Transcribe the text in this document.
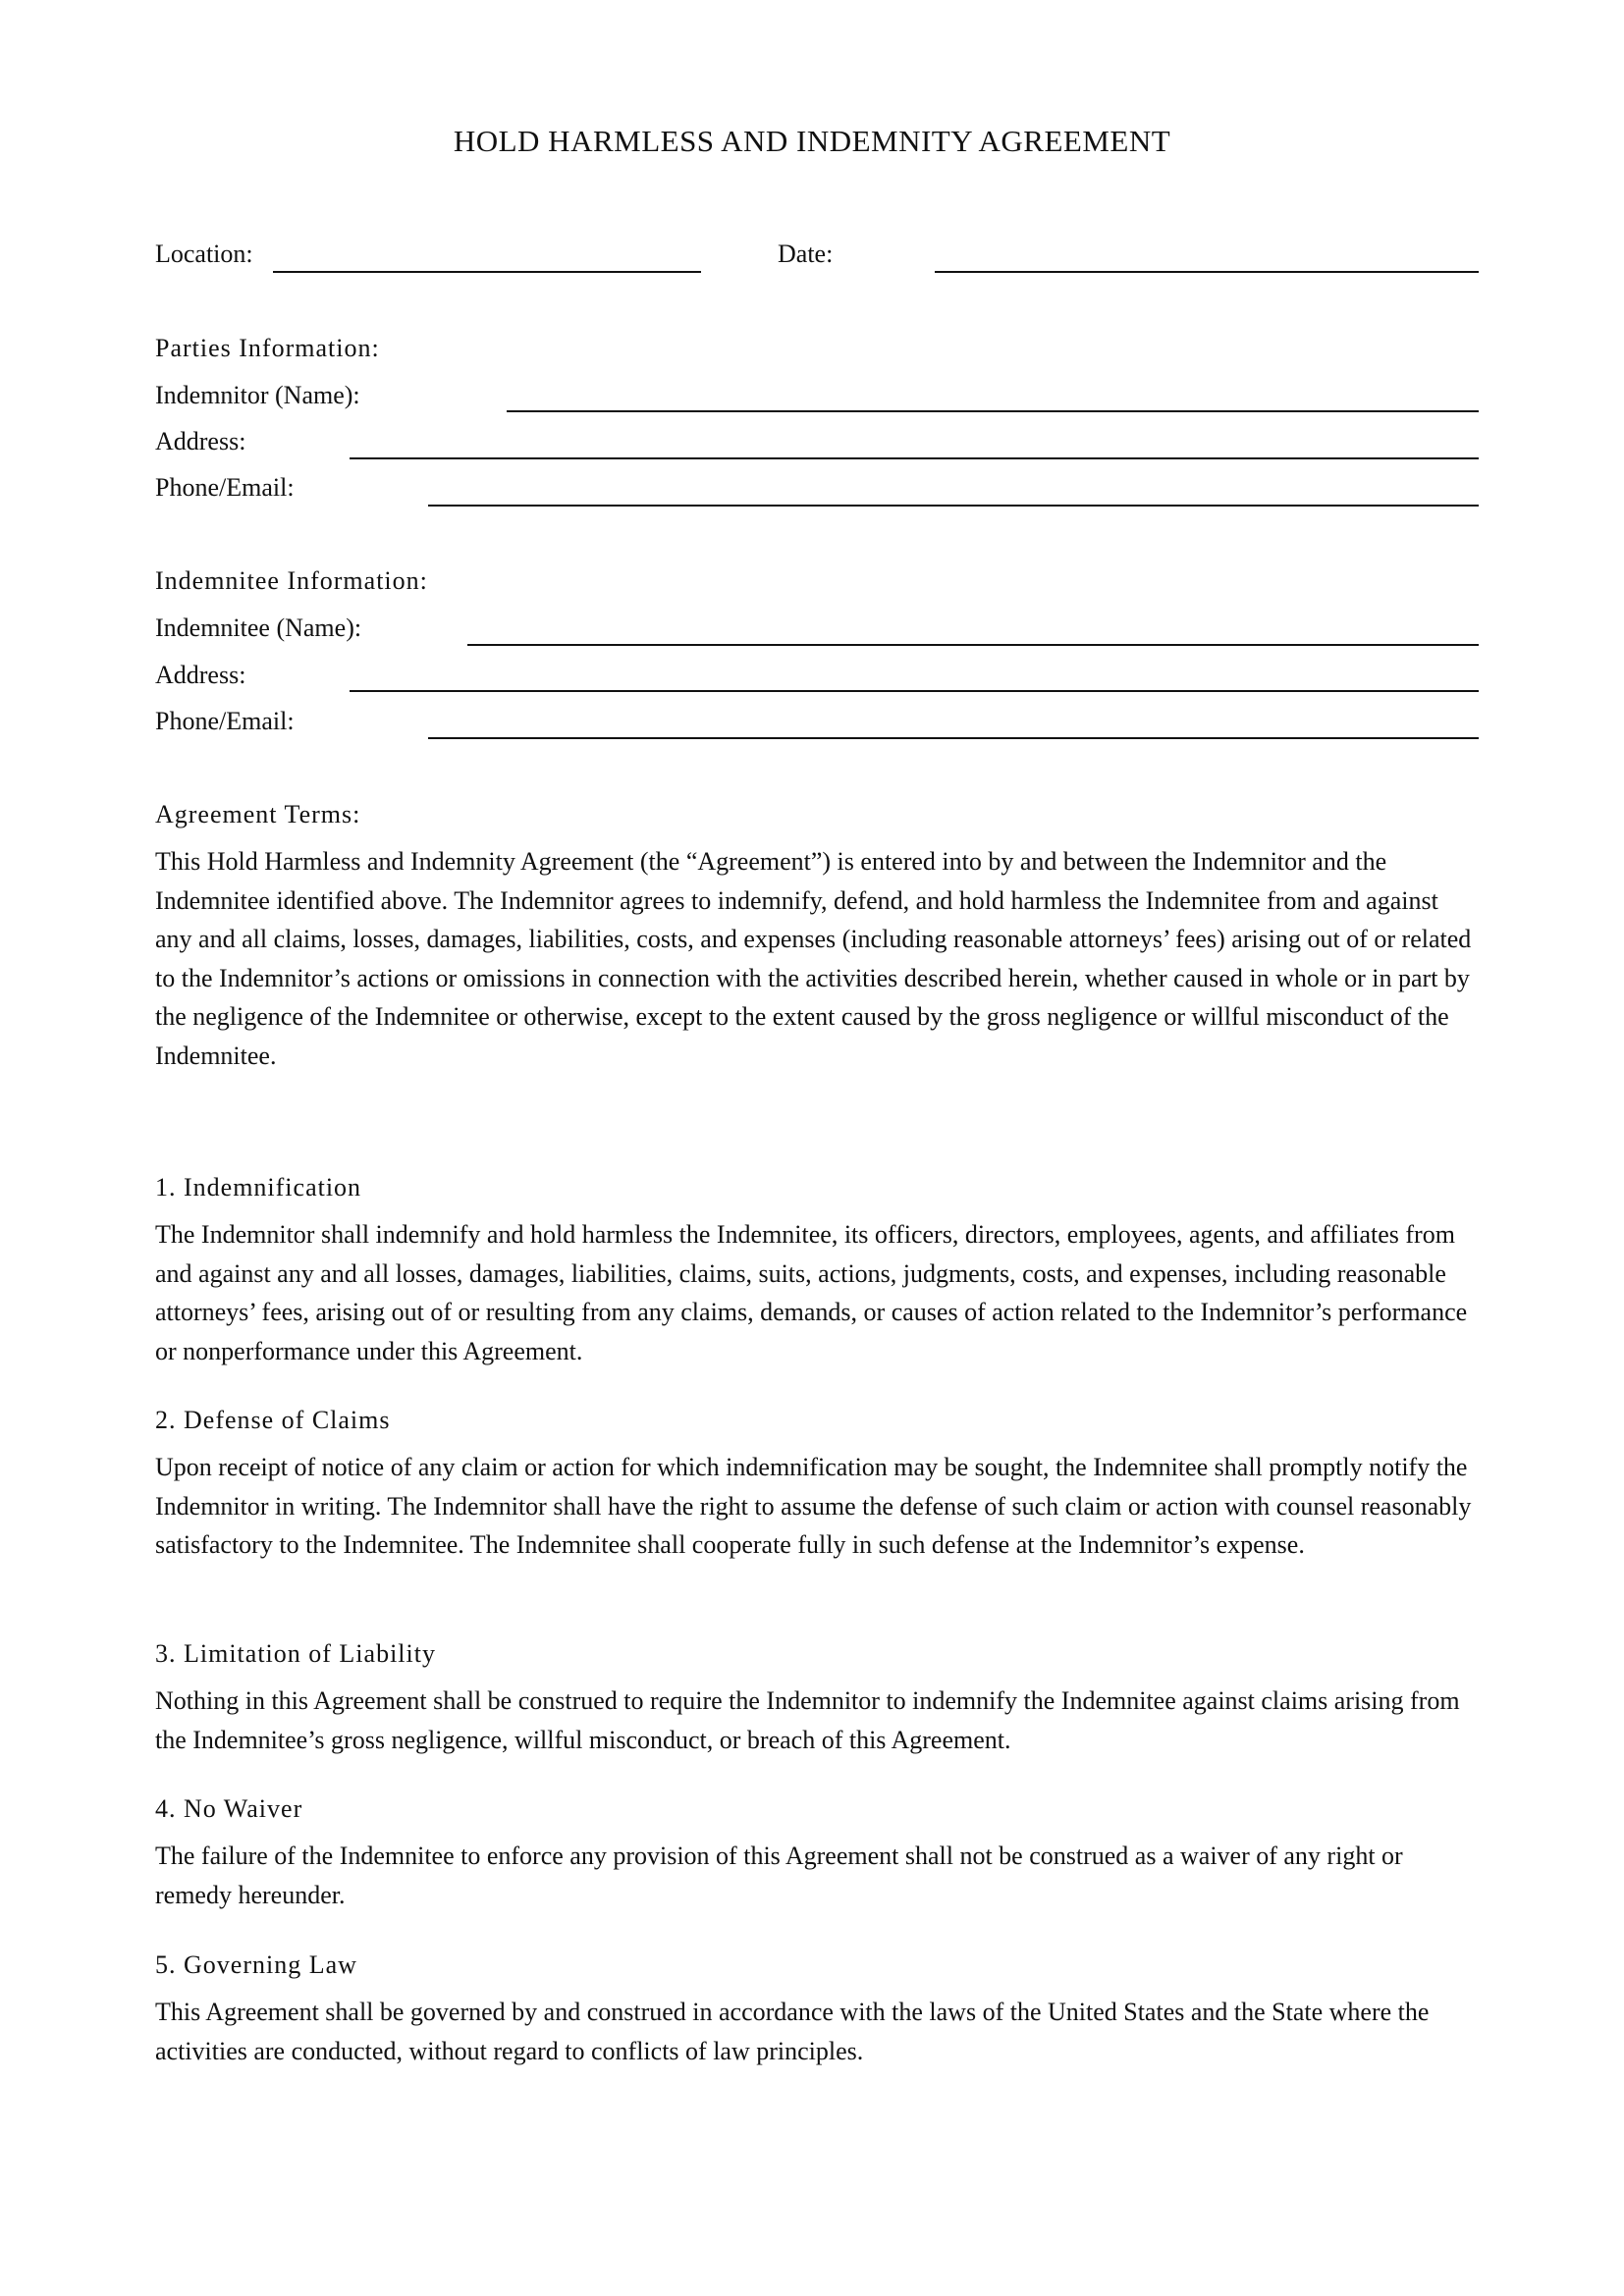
HOLD HARMLESS AND INDEMNITY AGREEMENT
Location:	Date:
Parties Information:
Indemnitor (Name):
Address:
Phone/Email:
Indemnitee Information:
Indemnitee (Name):
Address:
Phone/Email:
Agreement Terms:

This Hold Harmless and Indemnity Agreement (the “Agreement”) is entered into by and between the Indemnitor and the Indemnitee identified above. The Indemnitor agrees to indemnify, defend, and hold harmless the Indemnitee from and against any and all claims, losses, damages, liabilities, costs, and expenses (including reasonable attorneys’ fees) arising out of or related to the Indemnitor’s actions or omissions in connection with the activities described herein, whether caused in whole or in part by the negligence of the Indemnitee or otherwise, except to the extent caused by the gross negligence or willful misconduct of the Indemnitee.

1. Indemnification

The Indemnitor shall indemnify and hold harmless the Indemnitee, its officers, directors, employees, agents, and affiliates from and against any and all losses, damages, liabilities, claims, suits, actions, judgments, costs, and expenses, including reasonable attorneys’ fees, arising out of or resulting from any claims, demands, or causes of action related to the Indemnitor’s performance or nonperformance under this Agreement.

2. Defense of Claims

Upon receipt of notice of any claim or action for which indemnification may be sought, the Indemnitee shall promptly notify the Indemnitor in writing. The Indemnitor shall have the right to assume the defense of such claim or action with counsel reasonably satisfactory to the Indemnitee. The Indemnitee shall cooperate fully in such defense at the Indemnitor’s expense.

3. Limitation of Liability

Nothing in this Agreement shall be construed to require the Indemnitor to indemnify the Indemnitee against claims arising from the Indemnitee’s gross negligence, willful misconduct, or breach of this Agreement.

4. No Waiver

The failure of the Indemnitee to enforce any provision of this Agreement shall not be construed as a waiver of any right or remedy hereunder.

5. Governing Law

This Agreement shall be governed by and construed in accordance with the laws of the United States and the State where the activities are conducted, without regard to conflicts of law principles.
